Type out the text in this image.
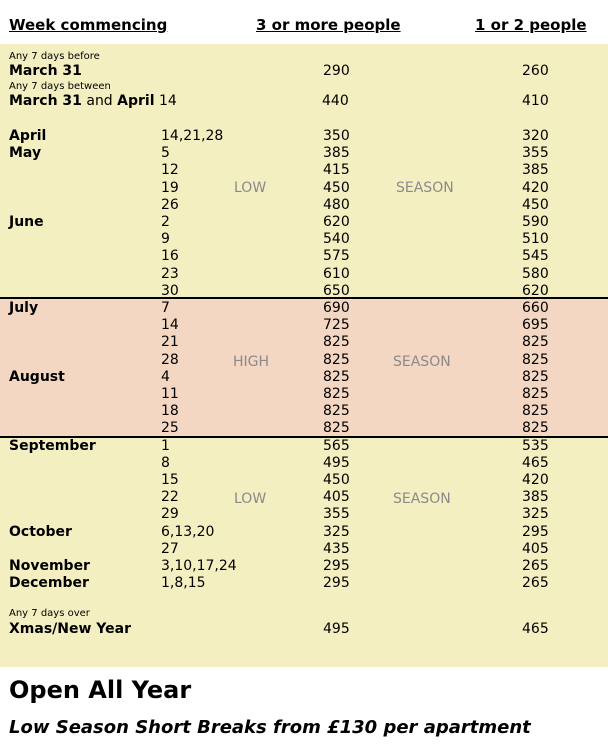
Week commencing	3 or more people	1 or 2 people
Any 7 days before
March 31	290	260
Any 7 days between
March 31 and April 14	440	410
April	14,21,28	350	320
May	5	385	355
12	415	385
19	450	420
26	480	450
June	2	620	590
9	540	510
16	575	545
23	610	580
30	650	620
July	7	690	660
14	725	695
21	825	825
28	825	825
August	4	825	825
11	825	825
18	825	825
25	825	825
September	1	565	535
8	495	465
15	450	420
22	405	385
29	355	325
October	6,13,20	325	295
27	435	405
November	3,10,17,24	295	265
December	1,8,15	295	265
LOW	SEASON
HIGH	SEASON
LOW	SEASON
Any 7 days over
Xmas/New Year	495	465
Open All Year
Low Season Short Breaks from £130 per apartment
